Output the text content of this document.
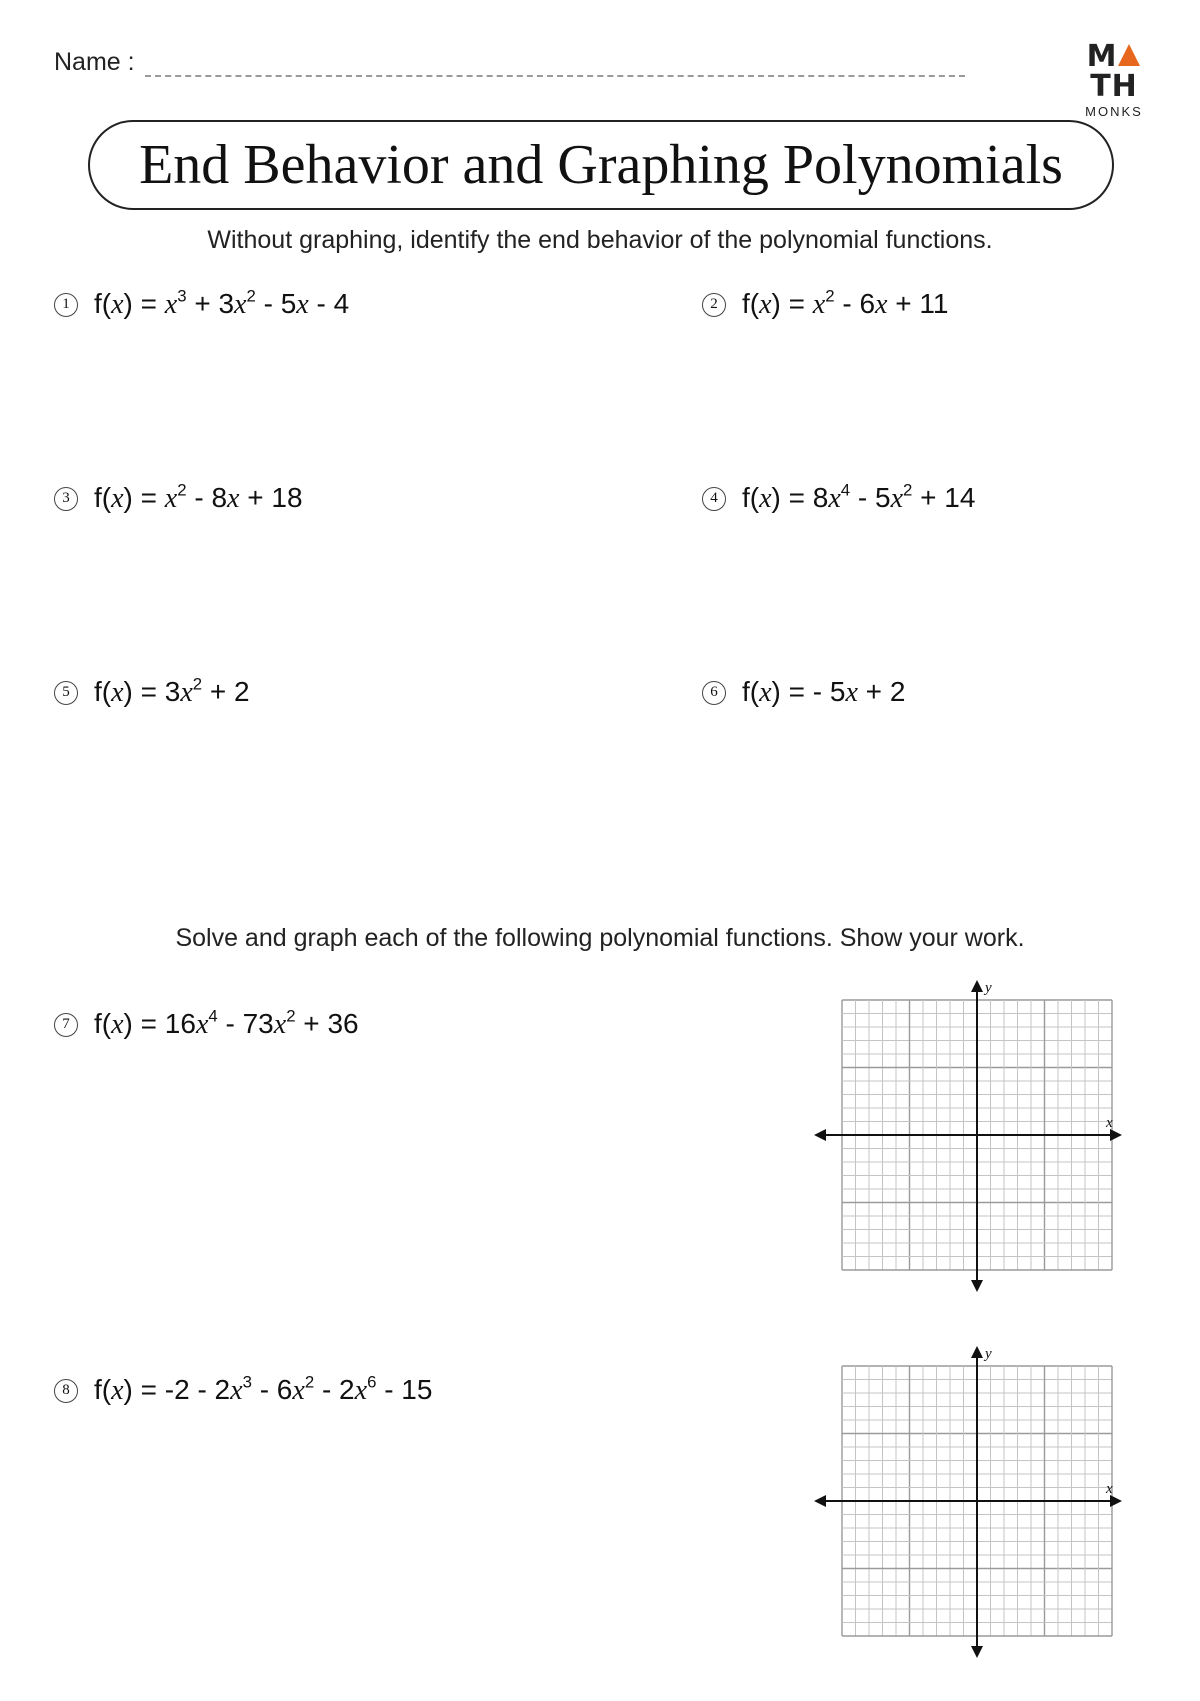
Name :	MTH
MONKS
End Behavior and Graphing Polynomials
Without graphing, identify the end behavior of the polynomial functions.
1 $f(x) = x^3 + 3x^2 - 5x - 4$	2 $f(x) = x^2 - 6x + 11$
3 $f(x) = x^2 - 8x + 18$	4 $f(x) = 8x^4 - 5x^2 + 14$
5 $f(x) = 3x^2 + 2$	6 f(x) = - 5x + 2
Solve and graph each of the following polynomial functions. Show your work.
7 $f(x) = 16x^4 - 73x^2 + 36$
8 $f(x) = -2 - 2x^3 - 6x^2 - 2x^6 - 15$
x
y
x
y
